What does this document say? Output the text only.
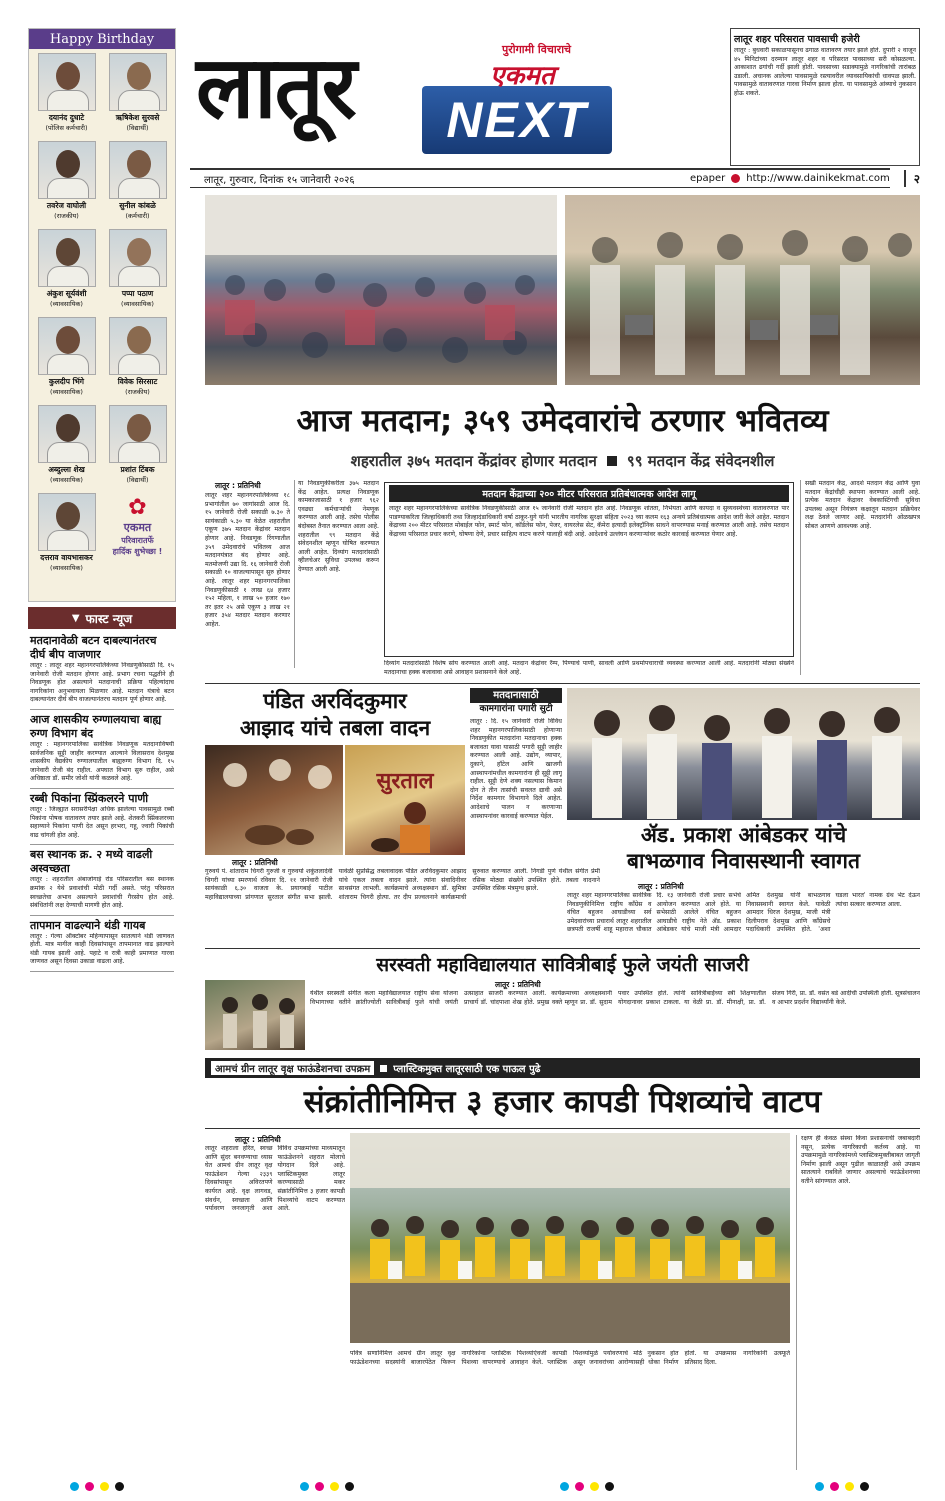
Happy Birthday
दयानंद दुधाटे
(पोलिस कर्मचारी)
ऋषिकेश सुरवसे
(विद्यार्थी)
तवरेज वाघोली
(राजकीय)
सुनील कांबळे
(कर्मचारी)
अंकुश सूर्यवंशी
(व्यावसायिक)
पप्पा पठाण
(व्यावसायिक)
कुलदीप भिंगे
(व्यावसायिक)
विवेक सिरसाट
(राजकीय)
अब्दुल्ला शेख
(व्यावसायिक)
प्रशांत टिंबक
(विद्यार्थी)
दत्तराव वायभासकर
(व्यावसायिक)
✿
एकमत
परिवारातर्फे
हार्दिक शुभेच्छा !
▼ फास्ट न्यूज
मतदानावेळी बटन दाबल्यानंतरच दीर्घ बीप वाजणार
लातूर : लातूर शहर महानगरपालिकेच्या निवडणुकीसाठी दि. १५ जानेवारी रोजी मतदान होणार आहे. प्रभाग रचना पद्धतीने ही निवडणूक होत असल्याने मतदानाची प्रक्रिया पहिल्यांदाच नागरिकांना अनुभवायला मिळणार आहे. मतदान यंत्राचे बटन दाबल्यानंतर दीर्घ बीप वाजल्यानंतरच मतदान पूर्ण होणार आहे.
आज शासकीय रुग्णालयाचा बाह्य रुग्ण विभाग बंद
लातूर : महानगरपालिका सार्वत्रिक निवडणूक मतदानाविषयी सार्वजनिक सुट्टी जाहीर करण्यात आल्याने विलासराव देशमुख शासकीय वैद्यकीय रुग्णालयातील बाह्यरुग्ण विभाग दि. १५ जानेवारी रोजी बंद राहील. अपघात विभाग सुरु राहील, असे अधिष्ठाता डॉ. समीर जोशी यांनी कळवले आहे.
रब्बी पिकांना स्प्रिंकलरने पाणी
लातूर : जिल्ह्यात सरासरीपेक्षा अधिक झालेल्या पावसामुळे रब्बी पिकांना पोषक वातावरण तयार झाले आहे. शेतकरी स्प्रिंकलरच्या सहाय्याने पिकांना पाणी देत असून हरभरा, गहू, ज्वारी पिकांची वाढ चांगली होत आहे.
बस स्थानक क्र. २ मध्ये वाढली अस्वच्छता
लातूर : शहरातील अंबाजोगाई रोड परिसरातील बस स्थानक क्रमांक २ येथे प्रवाशांची मोठी गर्दी असते. परंतु परिसरात स्वच्छतेचा अभाव असल्याने प्रवाशांची गैरसोय होत आहे. संबंधितांनी लक्ष देण्याची मागणी होत आहे.
तापमान वाढल्याने थंडी गायब
लातूर : गेल्या ऑक्टोबर महिन्यापासून सातत्याने थंडी जाणवत होती. मात्र मागील काही दिवसांपासून तापमानात वाढ झाल्याने थंडी गायब झाली आहे. पहाटे व रात्री काही प्रमाणात गारवा जाणवत असून दिवसा उकाडा वाढला आहे.
लातूर NEXT
पुरोगामी विचाराचे
एकमत
लातूर, गुरुवार, दिनांक १५ जानेवारी २०२६	epaper http://www.dainikekmat.com	२
लातूर शहर परिसरात पावसाची हजेरी
लातूर : बुधवारी सकाळपासूनच ढगाळ वातावरण तयार झाले होते. दुपारी २ वाजून ४५ मिनिटांच्या दरम्यान लातूर शहर व परिसरात पावसाच्या सरी कोसळल्या. आकाशात ढगांची गर्दी झाली होती. पावसाच्या सडाक्यामुळे नागरिकांची तारांबळ उडाली. अचानक आलेल्या पावसामुळे रस्त्यावरील व्यावसायिकांची धावपळ झाली. पावसामुळे वातावरणात गारवा निर्माण झाला होता. या पावसामुळे आंब्याचे नुकसान होऊ शकते.
आज मतदान; ३५९ उमेदवारांचे ठरणार भवितव्य
शहरातील ३७५ मतदान केंद्रांवर होणार मतदान ९९ मतदान केंद्र संवेदनशील
लातूर : प्रतिनिधी
लातूर शहर महानगरपालिकेच्या १८ प्रभागांतील ७० जागांसाठी आज दि. १५ जानेवारी रोजी सकाळी ७.३० ते सायंकाळी ५.३० या वेळेत शहरातील एकूण ३७५ मतदान केंद्रांवर मतदान होणार आहे. निवडणूक रिंगणातील ३५९ उमेदवारांचे भवितव्य आज मतदानयंत्रात बंद होणार आहे. मतमोजणी उद्या दि. १६ जानेवारी रोजी सकाळी १० वाजल्यापासून सुरु होणार आहे. लातूर शहर महानगरपालिका निवडणुकीसाठी १ लाख ६४ हजार १५२ महिला, १ लाख ५० हजार १७० तर इतर २५ असे एकूण ३ लाख २१ हजार ३५४ मतदार मतदान करणार आहेत.
या निवडणुकीकरीता ३७५ मतदान केंद्र आहेत. प्रत्यक्ष निवडणूक कामकाजासाठी १ हजार ९६२ एवढ्या कर्मचाऱ्यांची नेमणूक करण्यात आली आहे. तसेच पोलीस बंदोबस्त तैनात करण्यात आला आहे. शहरातील ९९ मतदान केंद्रे संवेदनशील म्हणून घोषित करण्यात आली आहेत. दिव्यांग मतदारांसाठी व्हीलचेअर सुविधा उपलब्ध करून देण्यात आली आहे.
मतदान केंद्राच्या २०० मीटर परिसरात प्रतिबंधात्मक आदेश लागू
लातूर शहर महानगरपालिकेच्या सार्वत्रिक निवडणुकीसाठी आज १५ जानेवारी रोजी मतदान होत आहे. निवडणूक शांतता, निर्भयता आणि कायदा व सुव्यवस्थेच्या वातावरणात पार पाडण्याकरिता जिल्हाधिकारी तथा जिल्हादंडाधिकारी वर्षा ठाकूर-घुगे यांनी भारतीय नागरिक सुरक्षा संहिता २०२३ च्या कलम १६३ अन्वये प्रतिबंधात्मक आदेश जारी केले आहेत. मतदान केंद्राच्या २०० मीटर परिसरात मोबाईल फोन, स्मार्ट फोन, कॉर्डलेस फोन, पेजर, वायरलेस सेट, कॅमेरा इत्यादी इलेक्ट्रॉनिक साधने वापरण्यास मनाई करण्यात आली आहे. तसेच मतदान केंद्राच्या परिसरात प्रचार करणे, घोषणा देणे, प्रचार साहित्य वाटप करणे यालाही बंदी आहे. आदेशाचे उल्लंघन करणाऱ्यांवर कठोर कारवाई करण्यात येणार आहे.
दिव्यांग मतदारांसाठी विशेष सोय करण्यात आली आहे. मतदान केंद्रांवर रॅम्प, पिण्याचे पाणी, सावली आणि प्रथमोपचाराची व्यवस्था करण्यात आली आहे. मतदारांनी मोठ्या संख्येने मतदानाचा हक्क बजावावा असे आवाहन प्रशासनाने केले आहे.
सखी मतदान केंद्र, आदर्श मतदान केंद्र आणि युवा मतदान केंद्रांचीही स्थापना करण्यात आली आहे. प्रत्येक मतदान केंद्रावर वेबकास्टिंगची सुविधा उपलब्ध असून नियंत्रण कक्षातून मतदान प्रक्रियेवर लक्ष ठेवले जाणार आहे. मतदारांनी ओळखपत्र सोबत आणणे आवश्यक आहे.
पंडित अरविंदकुमार
आझाद यांचे तबला वादन
सुरताल
लातूर : प्रतिनिधी
गुरुवर्य पं. शांताराम चिगरी गुरुजी व गुरुवर्या शकुंतलादेवी चिगरी यांच्या स्मरणार्थ रविवार दि. ११ जानेवारी रोजी सायंकाळी ६.३० वाजता के. प्रयागबाई पाटील महाविद्यालयाच्या प्रांगणात सुरताल संगीत सभा झाली. यावेळी सुप्रसिद्ध तबलावादक पंडित अरविंदकुमार आझाद यांचे एकल तबला वादन झाले. त्यांना संवादिनीवर साथसंगत लाभली. कार्यक्रमाचे अध्यक्षस्थान डॉ. सुमित्रा शांताराम चिगरी होत्या. तर दीप प्रज्वलनाने कार्यक्रमाची सुरुवात करण्यात आली. निगडी पुणे येथील संगीत प्रेमी रसिक मोठ्या संख्येने उपस्थित होते. तबला वादनाने उपस्थित रसिक मंत्रमुग्ध झाले.
मतदानासाठी
कामगारांना पगारी सुटी
लातूर : दि. १५ जानेवारी रोजी विविध शहर महानगरपालिकांसाठी होणाऱ्या निवडणुकीत मतदारांना मतदानाचा हक्क बजावता यावा यासाठी पगारी सुट्टी जाहीर करण्यात आली आहे. उद्योग, व्यापार, दुकाने, हॉटेल आणि खाजगी आस्थापनांमधील कामगारांना ही सुट्टी लागू राहील. सुट्टी देणे शक्य नसल्यास किमान दोन ते तीन तासांची सवलत द्यावी असे निर्देश कामगार विभागाने दिले आहेत. आदेशाचे पालन न करणाऱ्या आस्थापनांवर कारवाई करण्यात येईल.
ॲड. प्रकाश आंबेडकर यांचे
बाभळगाव निवासस्थानी स्वागत
लातूर : प्रतिनिधी
लातूर शहर महानगरपालिका सार्वत्रिक निवडणुकीनिमित्त राष्ट्रीय काँग्रेस व वंचित बहुजन आघाडीच्या सर्व उमेदवारांच्या प्रचारार्थ लातूर शहरातील छत्रपती राजर्षी शाहू महाराज चौकात दि. १३ जानेवारी रोजी प्रचार सभेचे आयोजन करण्यात आले होते. या सभेसाठी आलेले वंचित बहुजन आघाडीचे राष्ट्रीय नेते ॲड. प्रकाश आंबेडकर यांचे माजी मंत्री आमदार अमित देशमुख यांनी बाभळगाव निवासस्थानी स्वागत केले. यावेळी आमदार धिरज देशमुख, माजी मंत्री दिलीपराव देशमुख आणि काँग्रेसचे पदाधिकारी उपस्थित होते. 'अशा घडला भारत' नामक ग्रंथ भेट देऊन त्यांचा सत्कार करण्यात आला.
सरस्वती महाविद्यालयात सावित्रीबाई फुले जयंती साजरी
लातूर : प्रतिनिधी
येथील सरस्वती संगीत कला महाविद्यालयात राष्ट्रीय सेवा योजना विभागाच्या वतीने क्रांतीज्योती सावित्रीबाई फुले यांची जयंती उत्साहात साजरी करण्यात आली. कार्यक्रमाच्या अध्यक्षस्थानी प्राचार्य डॉ. चांदपाशा शेख होते. प्रमुख वक्ते म्हणून प्रा. डॉ. सुदाम पवार उपस्थित होते. त्यांनी सावित्रीबाईंच्या स्त्री शिक्षणातील योगदानावर प्रकाश टाकला. या वेळी प्रा. डॉ. मीनाक्षी, प्रा. डॉ. संजय गिरी, प्रा. डॉ. वसंत बडे आदींची उपस्थिती होती. सूत्रसंचालन व आभार प्रदर्शन विद्यार्थ्यांनी केले.
आमचं ग्रीन लातूर वृक्ष फाऊंडेशनचा उपक्रम	प्लास्टिकमुक्त लातूरसाठी एक पाऊल पुढे
संक्रांतीनिमित्त ३ हजार कापडी पिशव्यांचे वाटप
लातूर : प्रतिनिधी
लातूर शहराला हरित, स्वच्छ आणि सुंदर बनवण्याचा ध्यास घेत आमचं ग्रीन लातूर वृक्ष फाऊंडेशन गेल्या २३३९ दिवसांपासून अविरतपणे कार्यरत आहे. वृक्ष लागवड, संवर्धन, स्वच्छता आणि पर्यावरण जनजागृती अशा विविध उपक्रमांच्या माध्यमातून फाऊंडेशनने शहरात मोलाचे योगदान दिले आहे. प्लास्टिकमुक्त लातूर करण्यासाठी मकर संक्रांतीनिमित्त ३ हजार कापडी पिशव्यांचे वाटप करण्यात आले.
पवित्र सणानिमित्त आमचं ग्रीन लातूर वृक्ष फाऊंडेशनच्या सदस्यांनी बाजारपेठेत फिरून नागरिकांना प्लास्टिक पिशव्यांऐवजी कापडी पिशव्या वापरण्याचे आवाहन केले. प्लास्टिक पिशव्यांमुळे पर्यावरणाचे मोठे नुकसान होत असून जनावरांच्या आरोग्यासही धोका निर्माण होतो. या उपक्रमास नागरिकांनी उत्स्फूर्त प्रतिसाद दिला.
रक्षण ही केवळ संस्था किंवा प्रशासनाची जबाबदारी नसून, प्रत्येक नागरिकाची कर्तव्य आहे. या उपक्रमामुळे नागरिकांमध्ये प्लास्टिकमुक्तीबाबत जागृती निर्माण झाली असून पुढील काळातही असे उपक्रम सातत्याने राबविले जाणार असल्याचे फाऊंडेशनच्या वतीने सांगण्यात आले.
